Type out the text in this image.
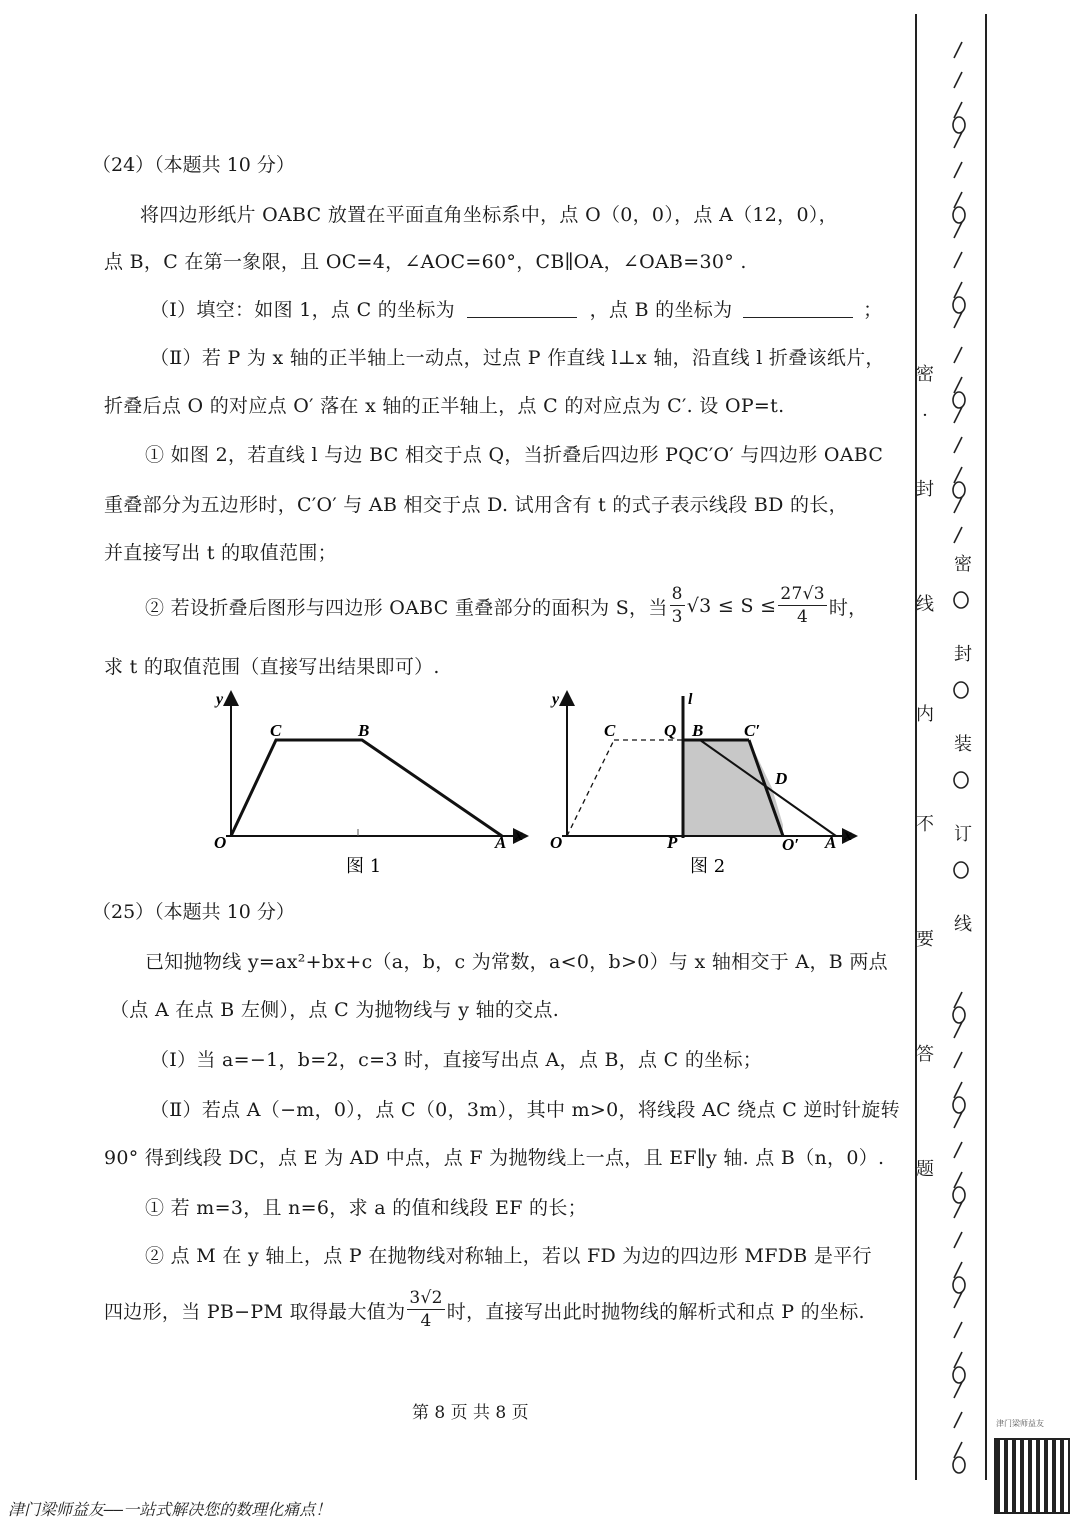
（24）（本题共 10 分）
将四边形纸片 OABC 放置在平面直角坐标系中，点 O（0，0），点 A（12，0），
点 B，C 在第一象限，且 OC=4，∠AOC=60°，CB∥OA，∠OAB=30° .
（Ⅰ）填空：如图 1，点 C 的坐标为	，点 B 的坐标为	；
（Ⅱ）若 P 为 x 轴的正半轴上一动点，过点 P 作直线 l⊥x 轴，沿直线 l 折叠该纸片，
折叠后点 O 的对应点 O′ 落在 x 轴的正半轴上，点 C 的对应点为 C′. 设 OP=t.
① 如图 2，若直线 l 与边 BC 相交于点 Q，当折叠后四边形 PQC′O′ 与四边形 OABC
重叠部分为五边形时，C′O′ 与 AB 相交于点 D. 试用含有 t 的式子表示线段 BD 的长，
并直接写出 t 的取值范围；
② 若设折叠后图形与四边形 OABC 重叠部分的面积为 S，当 $\frac{8}{3} √3 \le S \le \frac{27√3}{4}$ 时，
求 t 的取值范围（直接写出结果即可）.
y
x
O	A
C	B
图 1
y
x
l
O
C	Q B C′
D
P	O′ A
图 2
（25）（本题共 10 分）
已知抛物线 y=ax²+bx+c（a，b，c 为常数，a<0，b>0）与 x 轴相交于 A，B 两点
（点 A 在点 B 左侧），点 C 为抛物线与 y 轴的交点.
（Ⅰ）当 a=−1，b=2，c=3 时，直接写出点 A，点 B，点 C 的坐标；
（Ⅱ）若点 A（−m，0），点 C（0，3m），其中 m>0，将线段 AC 绕点 C 逆时针旋转
90° 得到线段 DC，点 E 为 AD 中点，点 F 为抛物线上一点，且 EF∥y 轴. 点 B（n，0）.
① 若 m=3，且 n=6，求 a 的值和线段 EF 的长；
② 点 M 在 y 轴上，点 P 在抛物线对称轴上，若以 FD 为边的四边形 MFDB 是平行
四边形，当 PB−PM 取得最大值为 $\frac{3√2}{4}$ 时，直接写出此时抛物线的解析式和点 P 的坐标.
第 8 页 共 8 页
津门梁师益友——一站式解决您的数理化痛点！
密
·
封
线
内
不
要
答
题
密
封
装
订
线
津门梁师益友
